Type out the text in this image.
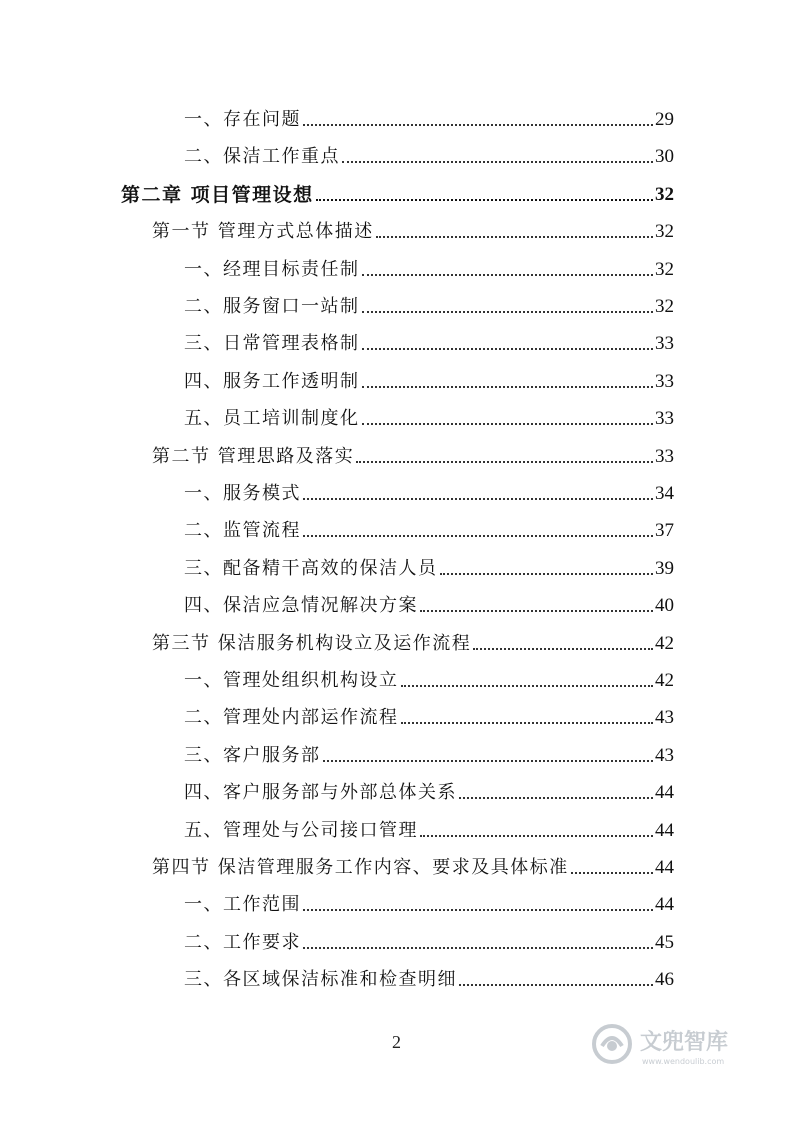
一、存在问题	29
二、保洁工作重点	30
第二章 项目管理设想	32
第一节 管理方式总体描述	32
一、经理目标责任制	32
二、服务窗口一站制	32
三、日常管理表格制	33
四、服务工作透明制	33
五、员工培训制度化	33
第二节 管理思路及落实	33
一、服务模式	34
二、监管流程	37
三、配备精干高效的保洁人员	39
四、保洁应急情况解决方案	40
第三节 保洁服务机构设立及运作流程	42
一、管理处组织机构设立	42
二、管理处内部运作流程	43
三、客户服务部	43
四、客户服务部与外部总体关系	44
五、管理处与公司接口管理	44
第四节 保洁管理服务工作内容、要求及具体标准	44
一、工作范围	44
二、工作要求	45
三、各区域保洁标准和检查明细	46
2	文兜智库
www.wendoulib.com
